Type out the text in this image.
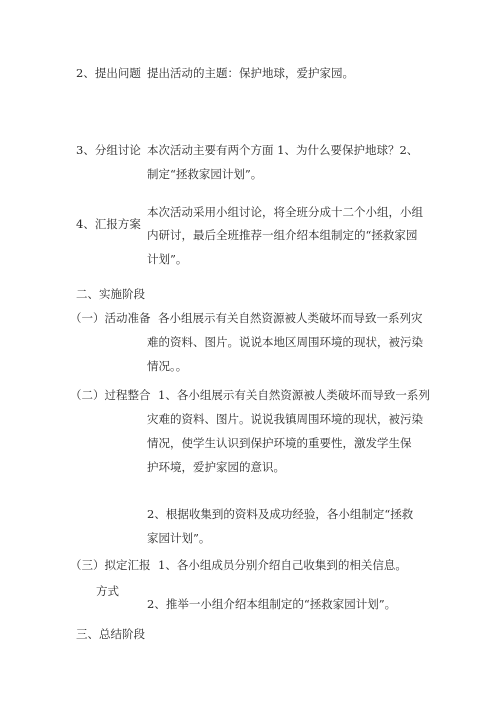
2、提出问题 提出活动的主题：保护地球，爱护家园。
3、分组讨论 本次活动主要有两个方面 1、为什么要保护地球？2、
制定“拯救家园计划”。
4、汇报方案
本次活动采用小组讨论，将全班分成十二个小组，小组
内研讨，最后全班推荐一组介绍本组制定的“拯救家园
计划”。
二、实施阶段
（一）活动准备 各小组展示有关自然资源被人类破坏而导致一系列灾
难的资料、图片。说说本地区周围环境的现状，被污染
情况。。
（二）过程整合 1、各小组展示有关自然资源被人类破坏而导致一系列
灾难的资料、图片。说说我镇周围环境的现状，被污染
情况，使学生认识到保护环境的重要性，激发学生保
护环境，爱护家园的意识。
2、根据收集到的资料及成功经验，各小组制定“拯救
家园计划”。
（三）拟定汇报 1、各小组成员分别介绍自己收集到的相关信息。
方式
2、推举一小组介绍本组制定的“拯救家园计划”。
三、总结阶段
